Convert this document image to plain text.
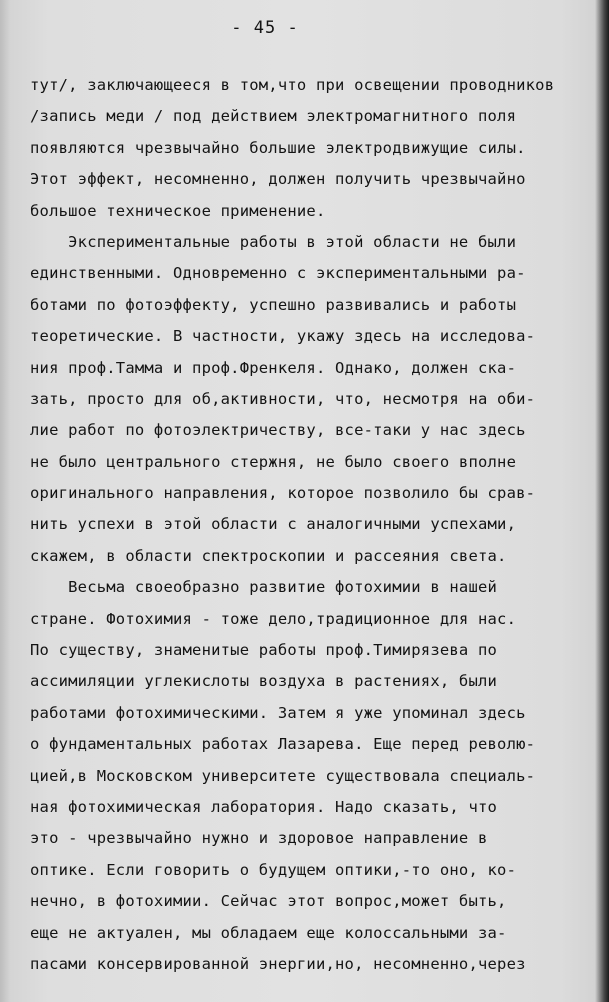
- 45 -
тут/, заключающееся в том,что при освещении проводников
/запись меди / под действием электромагнитного поля
появляются чрезвычайно большие электродвижущие силы.
Этот эффект, несомненно, должен получить чрезвычайно
большое техническое применение.
Экспериментальные работы в этой области не были
единственными. Одновременно с экспериментальными ра-
ботами по фотоэффекту, успешно развивались и работы
теоретические. В частности, укажу здесь на исследова-
ния проф.Тамма и проф.Френкеля. Однако, должен ска-
зать, просто для об,активности, что, несмотря на оби-
лие работ по фотоэлектричеству, все-таки у нас здесь
не было центрального стержня, не было своего вполне
оригинального направления, которое позволило бы срав-
нить успехи в этой области с аналогичными успехами,
скажем, в области спектроскопии и рассеяния света.
Весьма своеобразно развитие фотохимии в нашей
стране. Фотохимия - тоже дело,традиционное для нас.
По существу, знаменитые работы проф.Тимирязева по
ассимиляции углекислоты воздуха в растениях, были
работами фотохимическими. Затем я уже упоминал здесь
о фундаментальных работах Лазарева. Еще перед револю-
цией,в Московском университете существовала специаль-
ная фотохимическая лаборатория. Надо сказать, что
это - чрезвычайно нужно и здоровое направление в
оптике. Если говорить о будущем оптики,-то оно, ко-
нечно, в фотохимии. Сейчас этот вопрос,может быть,
еще не актуален, мы обладаем еще колоссальными за-
пасами консервированной энергии,но, несомненно,через
